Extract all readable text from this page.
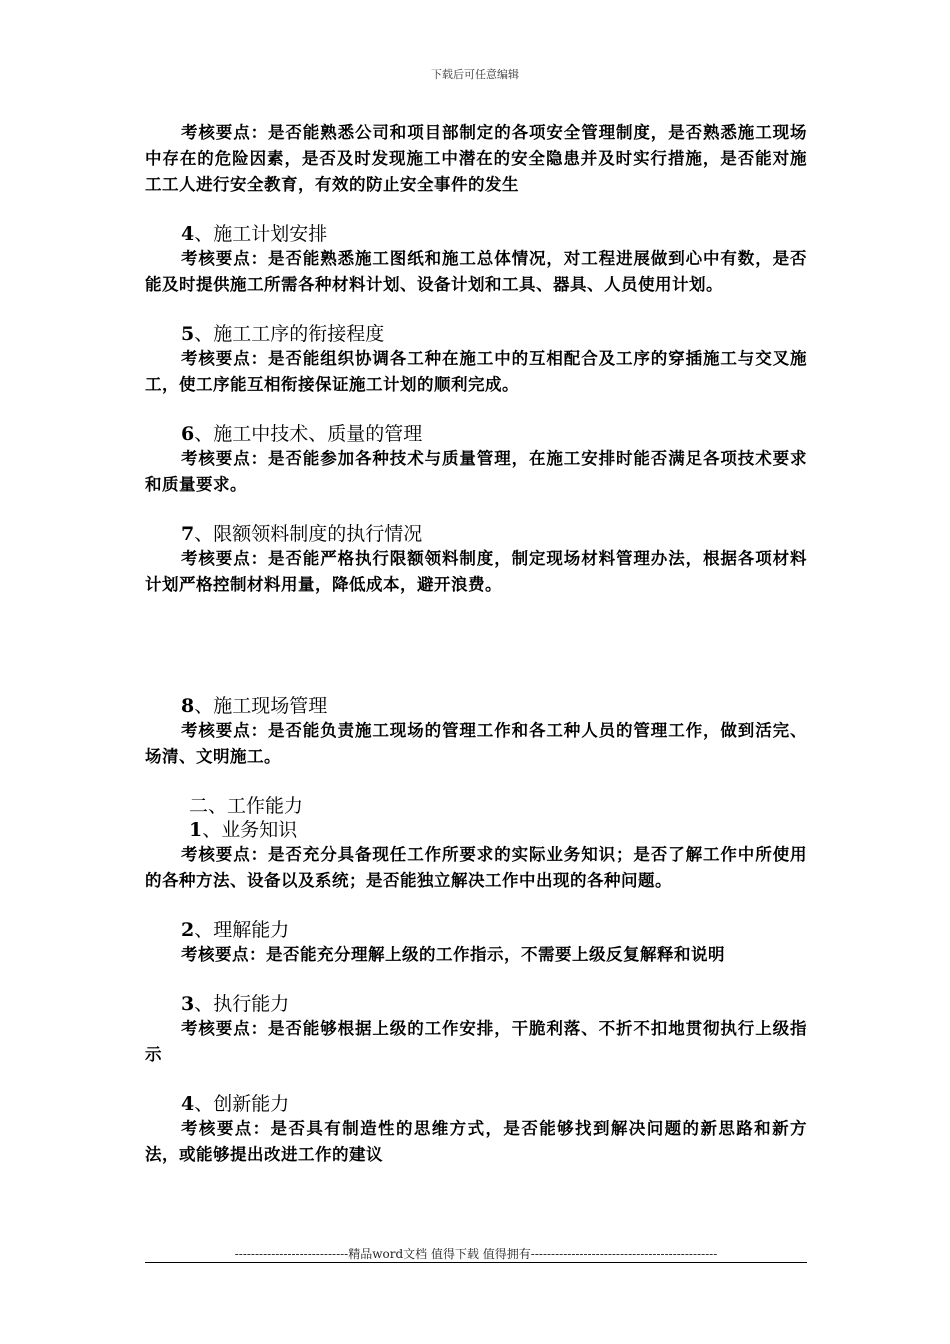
下载后可任意编辑

考核要点：是否能熟悉公司和项目部制定的各项安全管理制度，是否熟悉施工现场中存在的危险因素，是否及时发现施工中潜在的安全隐患并及时实行措施，是否能对施工工人进行安全教育，有效的防止安全事件的发生

4、施工计划安排

考核要点：是否能熟悉施工图纸和施工总体情况，对工程进展做到心中有数，是否能及时提供施工所需各种材料计划、设备计划和工具、器具、人员使用计划。

5、施工工序的衔接程度

考核要点：是否能组织协调各工种在施工中的互相配合及工序的穿插施工与交叉施工，使工序能互相衔接保证施工计划的顺利完成。

6、施工中技术、质量的管理

考核要点：是否能参加各种技术与质量管理，在施工安排时能否满足各项技术要求和质量要求。

7、限额领料制度的执行情况

考核要点：是否能严格执行限额领料制度，制定现场材料管理办法，根据各项材料计划严格控制材料用量，降低成本，避开浪费。

8、施工现场管理

考核要点：是否能负责施工现场的管理工作和各工种人员的管理工作，做到活完、场清、文明施工。

二、工作能力

1、业务知识

考核要点：是否充分具备现任工作所要求的实际业务知识；是否了解工作中所使用的各种方法、设备以及系统；是否能独立解决工作中出现的各种问题。

2、理解能力

考核要点：是否能充分理解上级的工作指示，不需要上级反复解释和说明

3、执行能力

考核要点：是否能够根据上级的工作安排，干脆利落、不折不扣地贯彻执行上级指示

4、创新能力

考核要点：是否具有制造性的思维方式，是否能够找到解决问题的新思路和新方法，或能够提出改进工作的建议

----------------------------精品word文档 值得下载 值得拥有----------------------------------------------
